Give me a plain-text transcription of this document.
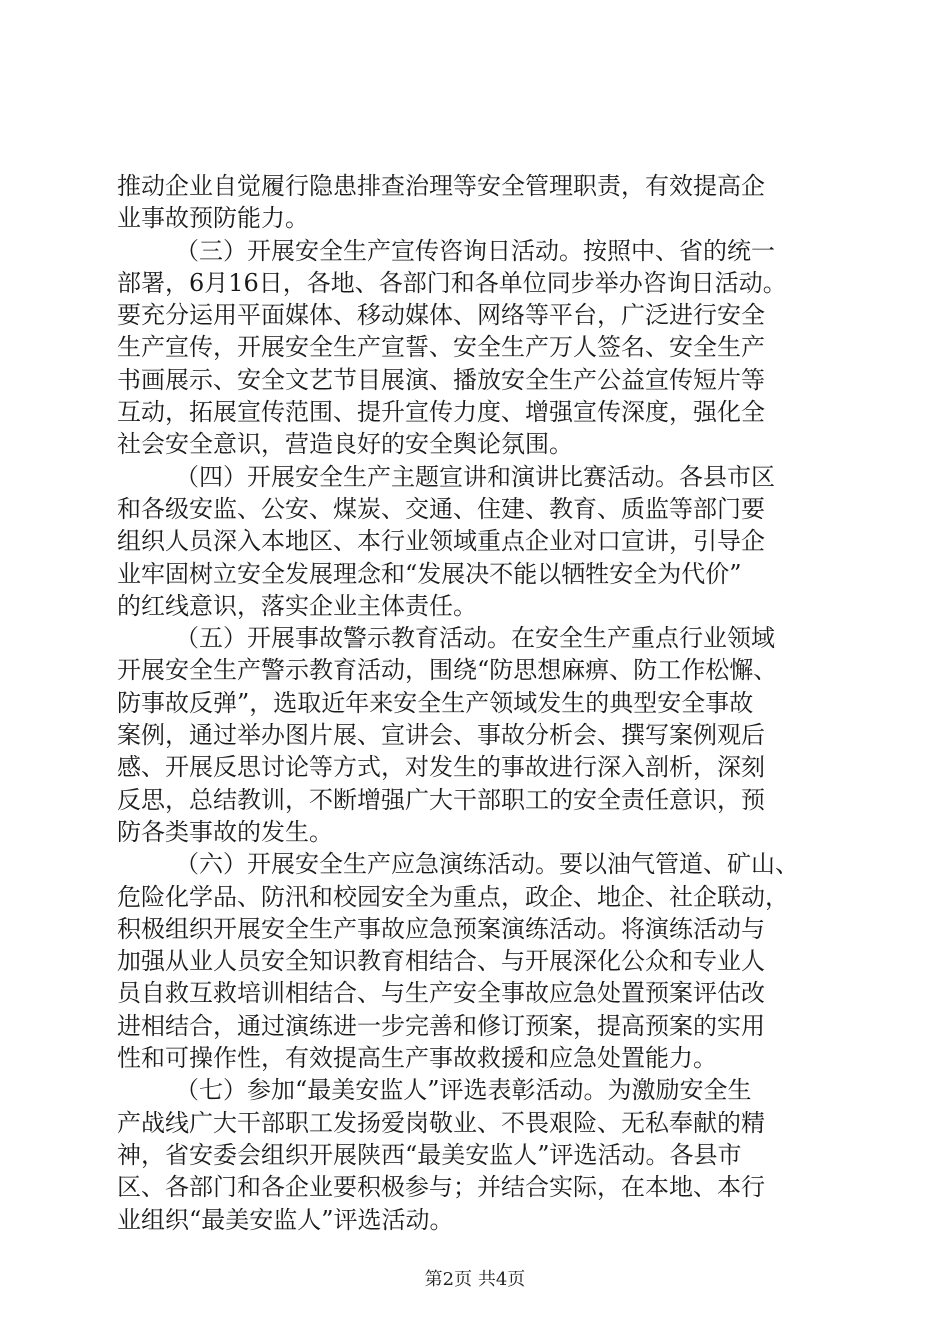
推动企业自觉履行隐患排查治理等安全管理职责，有效提高企
业事故预防能力。
（三）开展安全生产宣传咨询日活动。按照中、省的统一
部署，6月16日，各地、各部门和各单位同步举办咨询日活动。
要充分运用平面媒体、移动媒体、网络等平台，广泛进行安全
生产宣传，开展安全生产宣誓、安全生产万人签名、安全生产
书画展示、安全文艺节目展演、播放安全生产公益宣传短片等
互动，拓展宣传范围、提升宣传力度、增强宣传深度，强化全
社会安全意识，营造良好的安全舆论氛围。
（四）开展安全生产主题宣讲和演讲比赛活动。各县市区
和各级安监、公安、煤炭、交通、住建、教育、质监等部门要
组织人员深入本地区、本行业领域重点企业对口宣讲，引导企
业牢固树立安全发展理念和“发展决不能以牺牲安全为代价”
的红线意识，落实企业主体责任。
（五）开展事故警示教育活动。在安全生产重点行业领域
开展安全生产警示教育活动，围绕“防思想麻痹、防工作松懈、
防事故反弹”，选取近年来安全生产领域发生的典型安全事故
案例，通过举办图片展、宣讲会、事故分析会、撰写案例观后
感、开展反思讨论等方式，对发生的事故进行深入剖析，深刻
反思，总结教训，不断增强广大干部职工的安全责任意识，预
防各类事故的发生。
（六）开展安全生产应急演练活动。要以油气管道、矿山、
危险化学品、防汛和校园安全为重点，政企、地企、社企联动，
积极组织开展安全生产事故应急预案演练活动。将演练活动与
加强从业人员安全知识教育相结合、与开展深化公众和专业人
员自救互救培训相结合、与生产安全事故应急处置预案评估改
进相结合，通过演练进一步完善和修订预案，提高预案的实用
性和可操作性，有效提高生产事故救援和应急处置能力。
（七）参加“最美安监人”评选表彰活动。为激励安全生
产战线广大干部职工发扬爱岗敬业、不畏艰险、无私奉献的精
神，省安委会组织开展陕西“最美安监人”评选活动。各县市
区、各部门和各企业要积极参与；并结合实际，在本地、本行
业组织“最美安监人”评选活动。
第2页 共4页
